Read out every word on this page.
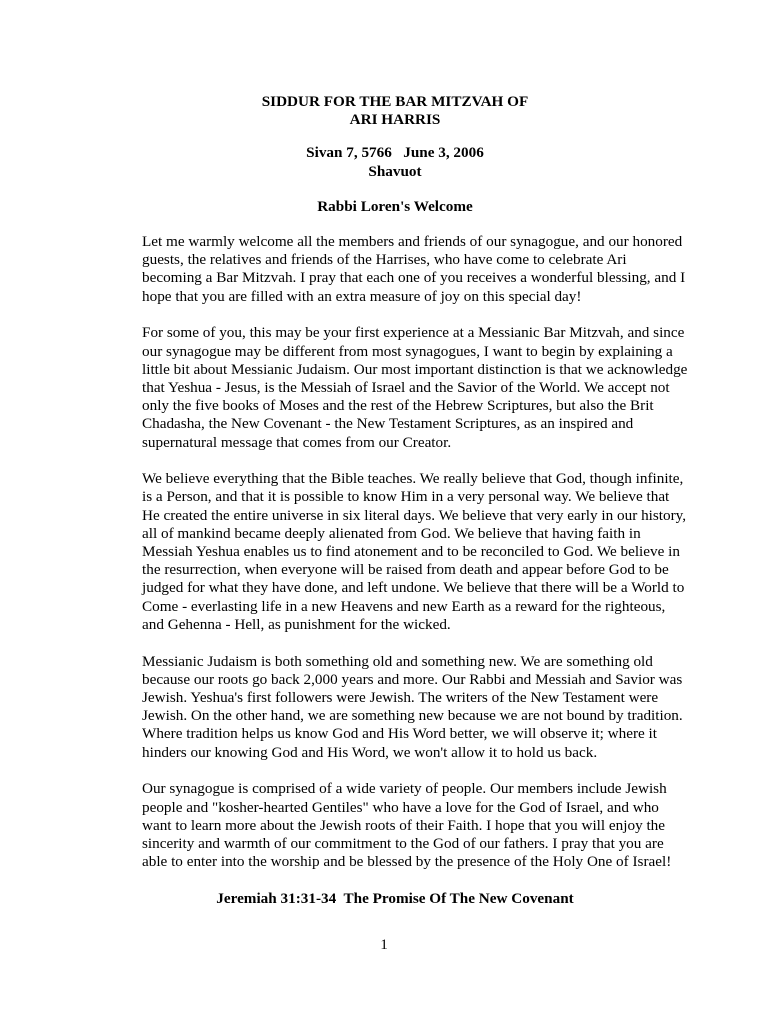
SIDDUR FOR THE BAR MITZVAH OF
ARI HARRIS
Sivan 7, 5766   June 3, 2006
Shavuot
Rabbi Loren's Welcome

Let me warmly welcome all the members and friends of our synagogue, and our honored
guests, the relatives and friends of the Harrises, who have come to celebrate Ari
becoming a Bar Mitzvah. I pray that each one of you receives a wonderful blessing, and I
hope that you are filled with an extra measure of joy on this special day!

For some of you, this may be your first experience at a Messianic Bar Mitzvah, and since
our synagogue may be different from most synagogues, I want to begin by explaining a
little bit about Messianic Judaism. Our most important distinction is that we acknowledge
that Yeshua - Jesus, is the Messiah of Israel and the Savior of the World. We accept not
only the five books of Moses and the rest of the Hebrew Scriptures, but also the Brit
Chadasha, the New Covenant - the New Testament Scriptures, as an inspired and
supernatural message that comes from our Creator.

We believe everything that the Bible teaches. We really believe that God, though infinite,
is a Person, and that it is possible to know Him in a very personal way. We believe that
He created the entire universe in six literal days. We believe that very early in our history,
all of mankind became deeply alienated from God. We believe that having faith in
Messiah Yeshua enables us to find atonement and to be reconciled to God. We believe in
the resurrection, when everyone will be raised from death and appear before God to be
judged for what they have done, and left undone. We believe that there will be a World to
Come - everlasting life in a new Heavens and new Earth as a reward for the righteous,
and Gehenna - Hell, as punishment for the wicked.

Messianic Judaism is both something old and something new. We are something old
because our roots go back 2,000 years and more. Our Rabbi and Messiah and Savior was
Jewish. Yeshua's first followers were Jewish. The writers of the New Testament were
Jewish. On the other hand, we are something new because we are not bound by tradition.
Where tradition helps us know God and His Word better, we will observe it; where it
hinders our knowing God and His Word, we won't allow it to hold us back.

Our synagogue is comprised of a wide variety of people. Our members include Jewish
people and "kosher-hearted Gentiles" who have a love for the God of Israel, and who
want to learn more about the Jewish roots of their Faith. I hope that you will enjoy the
sincerity and warmth of our commitment to the God of our fathers. I pray that you are
able to enter into the worship and be blessed by the presence of the Holy One of Israel!

Jeremiah 31:31-34  The Promise Of The New Covenant
1
